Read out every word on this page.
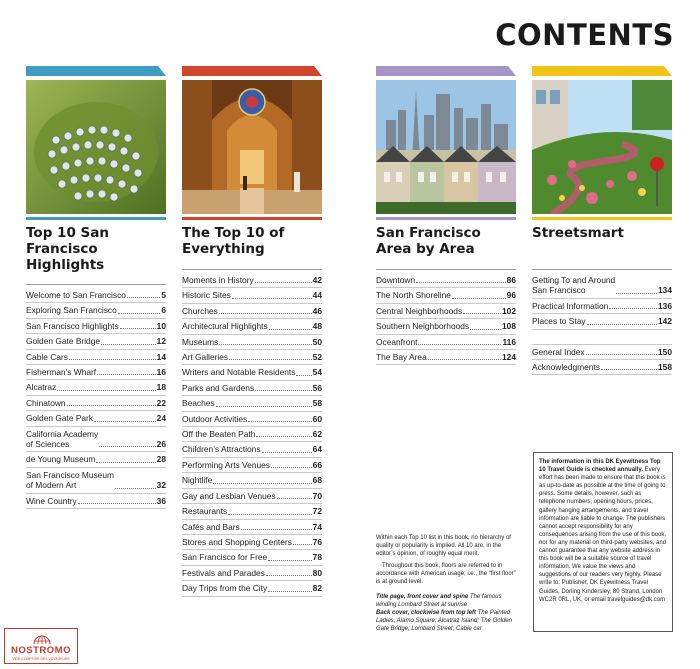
CONTENTS
Top 10 San Francisco Highlights
Welcome to San Francisco	5
Exploring San Francisco	6
San Francisco Highlights	10
Golden Gate Bridge	12
Cable Cars	14
Fisherman’s Wharf	16
Alcatraz	18
Chinatown	22
Golden Gate Park	24
California Academy
of Sciences	26
de Young Museum	28
San Francisco Museum
of Modern Art	32
Wine Country	36
The Top 10 of Everything
Moments in History	42
Historic Sites	44
Churches	46
Architectural Highlights	48
Museums	50
Art Galleries	52
Writers and Notable Residents 54
Parks and Gardens	56
Beaches	58
Outdoor Activities	60
Off the Beaten Path	62
Children’s Attractions	64
Performing Arts Venues	66
Nightlife	68
Gay and Lesbian Venues	70
Restaurants	72
Cafés and Bars	74
Stores and Shopping Centers 76
San Francisco for Free	78
Festivals and Parades	80
Day Trips from the City	82
San Francisco Area by Area
Downtown	86
The North Shoreline	96
Central Neighborhoods	102
Southern Neighborhoods	108
Oceanfront	116
The Bay Area	124
Streetsmart
Getting To and Around
San Francisco	134
Practical Information	136
Places to Stay	142
General Index	150
Acknowledgments	158

Within each Top 10 list in this book, no hierarchy of quality or popularity is implied. All 10 are, in the editor’s opinion, of roughly equal merit.

Throughout this book, floors are referred to in accordance with American usage; i.e., the “first floor” is at ground level.

Title page, front cover and spine The famous winding Lombard Street at sunrise

Back cover, clockwise from top left The Painted Ladies, Alamo Square; Alcatraz Island; The Golden Gate Bridge; Lombard Street; Cable car

The information in this DK Eyewitness Top 10 Travel Guide is checked annually. Every effort has been made to ensure that this book is as up-to-date as possible at the time of going to press. Some details, however, such as telephone numbers, opening hours, prices, gallery hanging arrangements, and travel information are liable to change. The publishers cannot accept responsibility for any consequences arising from the use of this book, nor for any material on third-party websites, and cannot guarantee that any website address in this book will be a suitable source of travel information. We value the views and suggestions of our readers very highly. Please write to: Publisher, DK Eyewitness Travel Guides, Dorling Kindersley, 80 Strand, London WC2R 0RL, UK, or email travelguides@dk.com
NOSTROMO
VIDE-COMPTOIR DES VOYAGEURS
